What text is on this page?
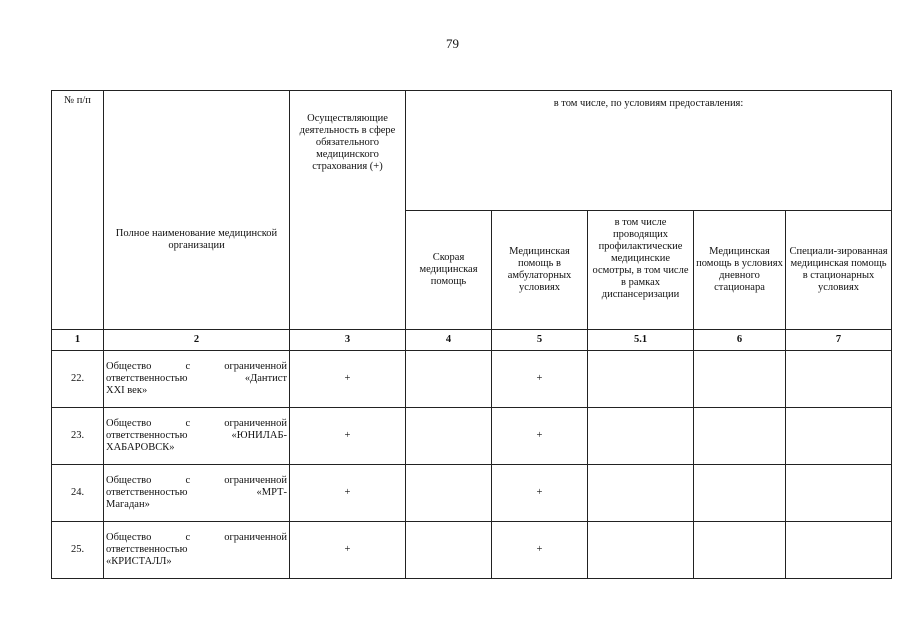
79
№ п/п	Полное наименование медицинской организации	Осуществляющие деятельность в сфере обязательного медицинского страхования (+)	в том числе, по условиям предоставления:				
			Скорая медицинская помощь	Медицинская помощь в амбулаторных условиях	в том числе проводящих профилактические медицинские осмотры, в том числе в рамках диспансеризации	Медицинская помощь в условиях дневного стационара	Специали-зированная медицинская помощь в стационарных условиях
1	2	3	4	5	5.1	6	7
22.	Общество с ограниченной
ответственностью «Дантист
XXI век»	+		+			
23.	Общество с ограниченной
ответственностью «ЮНИЛАБ-
ХАБАРОВСК»	+		+			
24.	Общество с ограниченной
ответственностью «МРТ-
Магадан»	+		+			
25.	Общество с ограниченной
ответственностью
«КРИСТАЛЛ»	+		+			
